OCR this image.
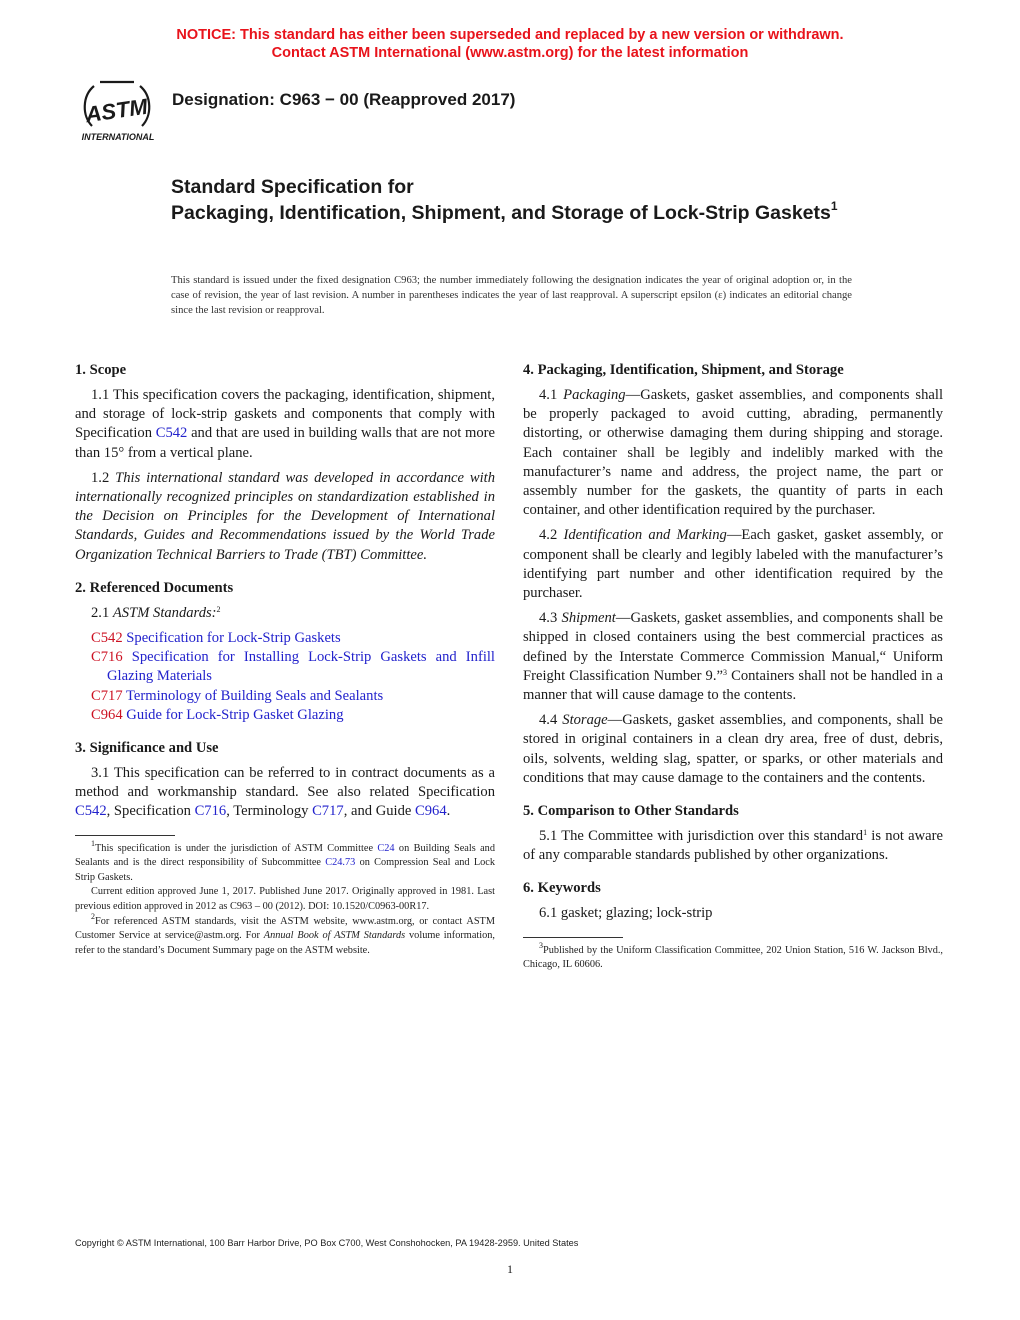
NOTICE: This standard has either been superseded and replaced by a new version or withdrawn.
Contact ASTM International (www.astm.org) for the latest information
ASTM
INTERNATIONAL
Designation: C963 − 00 (Reapproved 2017)
Standard Specification for
Packaging, Identification, Shipment, and Storage of Lock-Strip Gaskets$^1$
This standard is issued under the fixed designation C963; the number immediately following the designation indicates the year of original adoption or, in the case of revision, the year of last revision. A number in parentheses indicates the year of last reapproval. A superscript epsilon (ε) indicates an editorial change since the last revision or reapproval.
1. Scope

1.1 This specification covers the packaging, identification, shipment, and storage of lock-strip gaskets and components that comply with Specification C542 and that are used in building walls that are not more than 15° from a vertical plane.

1.2 This international standard was developed in accordance with internationally recognized principles on standardization established in the Decision on Principles for the Development of International Standards, Guides and Recommendations issued by the World Trade Organization Technical Barriers to Trade (TBT) Committee.

2. Referenced Documents

2.1 ASTM Standards:$^2$

C542 Specification for Lock-Strip Gaskets

C716 Specification for Installing Lock-Strip Gaskets and Infill Glazing Materials

C717 Terminology of Building Seals and Sealants

C964 Guide for Lock-Strip Gasket Glazing

3. Significance and Use

3.1 This specification can be referred to in contract documents as a method and workmanship standard. See also related Specification C542, Specification C716, Terminology C717, and Guide C964.

$^1$This specification is under the jurisdiction of ASTM Committee C24 on Building Seals and Sealants and is the direct responsibility of Subcommittee C24.73 on Compression Seal and Lock Strip Gaskets.

Current edition approved June 1, 2017. Published June 2017. Originally approved in 1981. Last previous edition approved in 2012 as C963 – 00 (2012). DOI: 10.1520/C0963-00R17.

$^2$For referenced ASTM standards, visit the ASTM website, www.astm.org, or contact ASTM Customer Service at service@astm.org. For Annual Book of ASTM Standards volume information, refer to the standard’s Document Summary page on the ASTM website.

4. Packaging, Identification, Shipment, and Storage

4.1 Packaging—Gaskets, gasket assemblies, and components shall be properly packaged to avoid cutting, abrading, permanently distorting, or otherwise damaging them during shipping and storage. Each container shall be legibly and indelibly marked with the manufacturer’s name and address, the project name, the part or assembly number for the gaskets, the quantity of parts in each container, and other identification required by the purchaser.

4.2 Identification and Marking—Each gasket, gasket assembly, or component shall be clearly and legibly labeled with the manufacturer’s identifying part number and other identification required by the purchaser.

4.3 Shipment—Gaskets, gasket assemblies, and components shall be shipped in closed containers using the best commercial practices as defined by the Interstate Commerce Commission Manual,“ Uniform Freight Classification Number 9.”$^3$ Containers shall not be handled in a manner that will cause damage to the contents.

4.4 Storage—Gaskets, gasket assemblies, and components, shall be stored in original containers in a clean dry area, free of dust, debris, oils, solvents, welding slag, spatter, or sparks, or other materials and conditions that may cause damage to the containers and the contents.

5. Comparison to Other Standards

5.1 The Committee with jurisdiction over this standard$^1$ is not aware of any comparable standards published by other organizations.

6. Keywords

6.1 gasket; glazing; lock-strip

$^3$Published by the Uniform Classification Committee, 202 Union Station, 516 W. Jackson Blvd., Chicago, IL 60606.

Copyright © ASTM International, 100 Barr Harbor Drive, PO Box C700, West Conshohocken, PA 19428-2959. United States
1
